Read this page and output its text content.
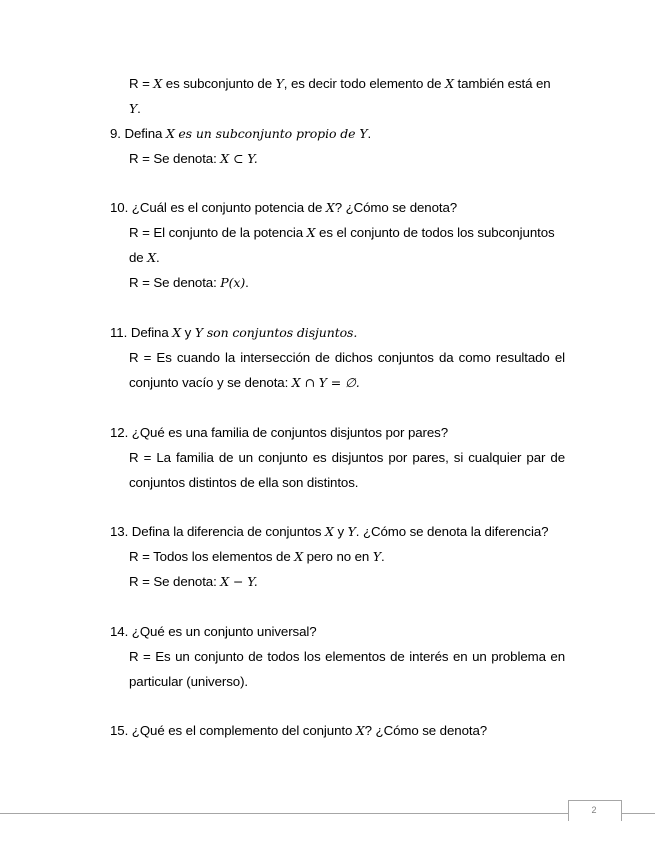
R = X es subconjunto de Y, es decir todo elemento de X también está en
Y.
9. Defina X es un subconjunto propio de Y.
R = Se denota: X ⊂ Y.
10. ¿Cuál es el conjunto potencia de X? ¿Cómo se denota?
R = El conjunto de la potencia X es el conjunto de todos los subconjuntos
de X.
R = Se denota: P(x).
11. Defina X y Y son conjuntos disjuntos.
R = Es cuando la intersección de dichos conjuntos da como resultado el
conjunto vacío y se denota: X ∩ Y = ∅.
12. ¿Qué es una familia de conjuntos disjuntos por pares?
R = La familia de un conjunto es disjuntos por pares, si cualquier par de
conjuntos distintos de ella son distintos.
13. Defina la diferencia de conjuntos X y Y. ¿Cómo se denota la diferencia?
R = Todos los elementos de X pero no en Y.
R = Se denota: X − Y.
14. ¿Qué es un conjunto universal?
R = Es un conjunto de todos los elementos de interés en un problema en
particular (universo).
15. ¿Qué es el complemento del conjunto X? ¿Cómo se denota?
2
